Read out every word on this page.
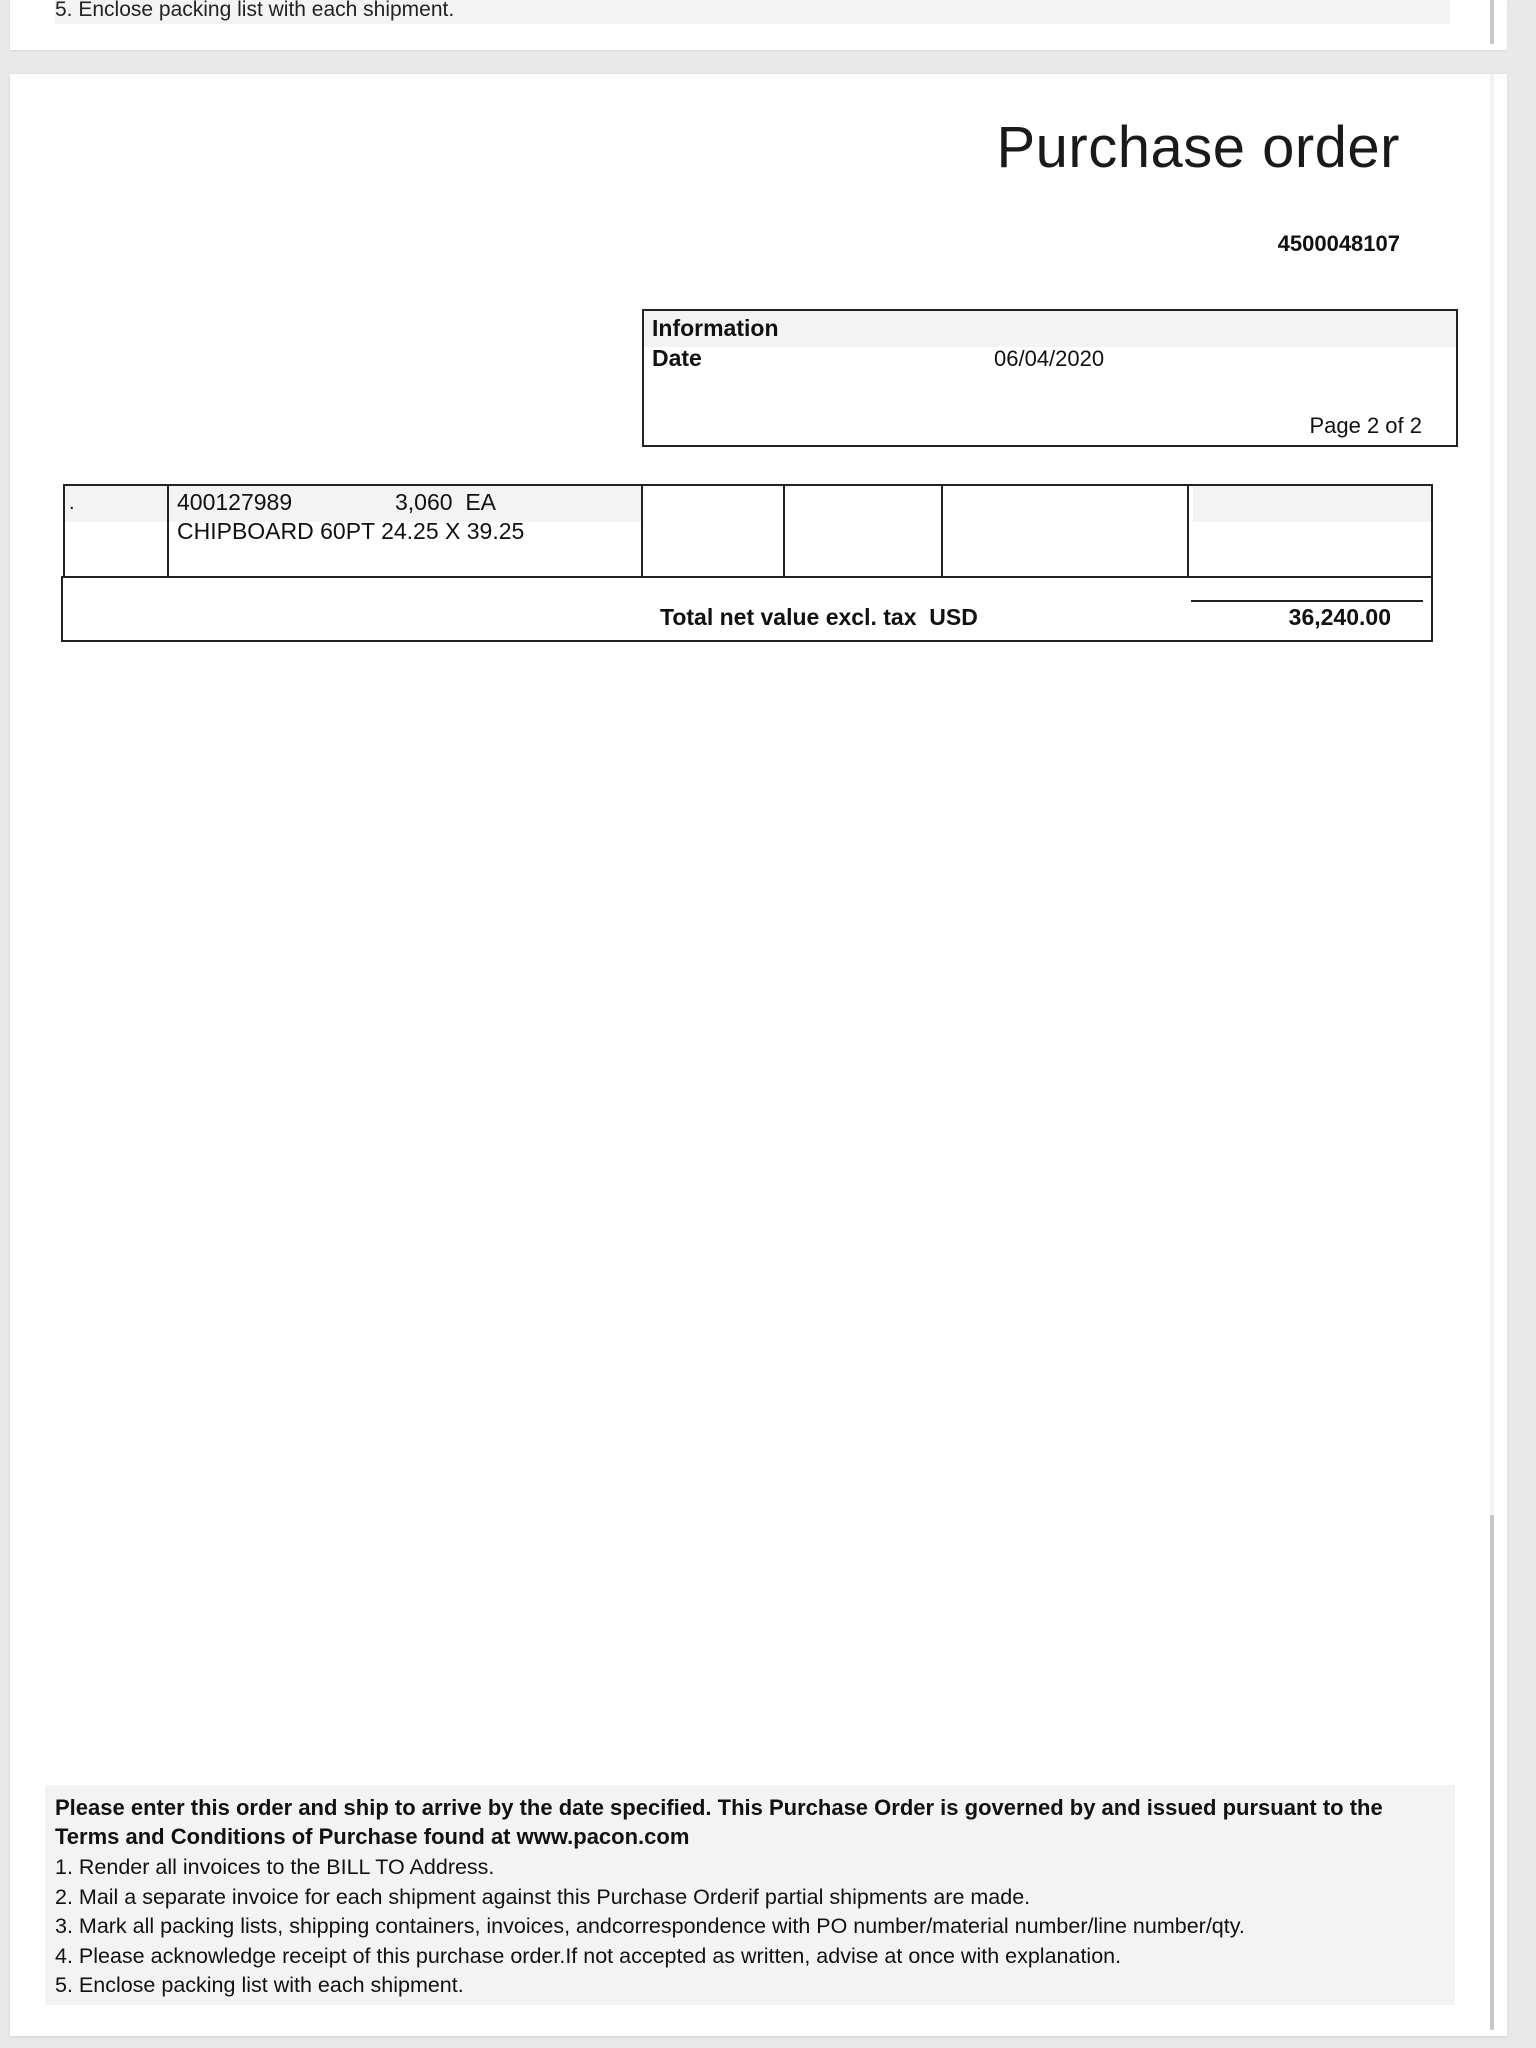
5. Enclose packing list with each shipment.
Purchase order
4500048107
Information
Date	06/04/2020
Page 2 of 2
.	400127989	3,060  EA
CHIPBOARD 60PT 24.25 X 39.25
Total net value excl. tax  USD	36,240.00

Please enter this order and ship to arrive by the date specified. This Purchase Order is governed by and issued pursuant to the Terms and Conditions of Purchase found at www.pacon.com

1. Render all invoices to the BILL TO Address.
2. Mail a separate invoice for each shipment against this Purchase Orderif partial shipments are made.
3. Mark all packing lists, shipping containers, invoices, andcorrespondence with PO number/material number/line number/qty.
4. Please acknowledge receipt of this purchase order.If not accepted as written, advise at once with explanation.
5. Enclose packing list with each shipment.
